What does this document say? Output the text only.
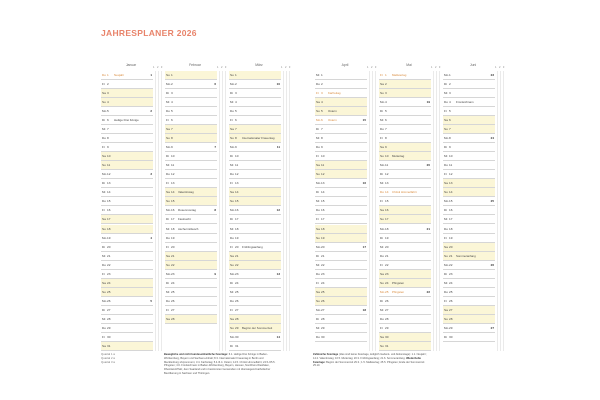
JAHRESPLANER 2026
Januar
1 2 3
Do 1	Neujahr	1
Fr 2
Sa 3
So 4
Mo 5	2
Di 6	Heilige Drei Könige
Mi 7
Do 8
Fr 9
Sa 10
So 11
Mo 12	3
Di 13
Mi 14
Do 15
Fr 16
Sa 17
So 18
Mo 19	4
Di 20
Mi 21
Do 22
Fr 23
Sa 24
So 25
Mo 26	5
Di 27
Mi 28
Do 29
Fr 30
Sa 31
Februar
1 2 3
So 1
Mo 2	6
Di 3
Mi 4
Do 5
Fr 6
Sa 7
So 8
Mo 9	7
Di 10
Mi 11
Do 12
Fr 13
Sa 14	Valentinstag
So 15
Mo 16	Rosenmontag	8
Di 17	Fastnacht
Mi 18	Aschermittwoch
Do 19
Fr 20
Sa 21
So 22
Mo 23	9
Di 24
Mi 25
Do 26
Fr 27
Sa 28
März
1 2 3
So 1
Mo 2	10
Di 3
Mi 4
Do 5
Fr 6
Sa 7
So 8	Internationaler Frauentag
Mo 9	11
Di 10
Mi 11
Do 12
Fr 13
Sa 14
So 15
Mo 16	12
Di 17
Mi 18
Do 19
Fr 20	Frühlingsanfang
Sa 21
So 22
Mo 23	13
Di 24
Mi 25
Do 26
Fr 27
Sa 28
So 29	Beginn der Sommerzeit
Mo 30	14
Di 31
April
1 2 3
Mi 1
Do 2
Fr 3	Karfreitag
Sa 4
So 5	Ostern
Mo 6	Ostern	15
Di 7
Mi 8
Do 9
Fr 10
Sa 11
So 12
Mo 13	16
Di 14
Mi 15
Do 16
Fr 17
Sa 18
So 19
Mo 20	17
Di 21
Mi 22
Do 23
Fr 24
Sa 25
So 26
Mo 27	18
Di 28
Mi 29
Do 30
Mai
1 2 3
Fr 1	Maifeiertag
Sa 2
So 3
Mo 4	19
Di 5
Mi 6
Do 7
Fr 8
Sa 9
So 10	Muttertag
Mo 11	20
Di 12
Mi 13
Do 14	Christi Himmelfahrt
Fr 15
Sa 16
So 17
Mo 18	21
Di 19
Mi 20
Do 21
Fr 22
Sa 23
So 24	Pfingsten
Mo 25	Pfingsten	22
Di 26
Mi 27
Do 28
Fr 29
Sa 30
So 31
Juni
1 2 3
Mo 1	23
Di 2
Mi 3
Do 4	Fronleichnam
Fr 5
Sa 6
So 7
Mo 8	24
Di 9
Mi 10
Do 11
Fr 12
Sa 13
So 14
Mo 15	25
Di 16
Mi 17
Do 18
Fr 19
Sa 20
So 21	Sommeranfang
Mo 22	26
Di 23
Mi 24
Do 25
Fr 26
Sa 27
So 28
Mo 29	27
Di 30
Quartal 1 ●
Quartal 2 ●
Quartal 3 ●
Bewegliche und nicht bundeseinheitliche Feiertage: 6.1. Heilige Drei Könige in Baden-Württemberg, Bayern und Sachsen-Anhalt; 8.3. Internationaler Frauentag in Berlin und Mecklenburg-Vorpommern; 3.4. Karfreitag; 5.4./6.4. Ostern; 14.5. Christi Himmelfahrt; 24.5./25.5. Pfingsten; 4.6. Fronleichnam in Baden-Württemberg, Bayern, Hessen, Nordrhein-Westfalen, Rheinland-Pfalz, dem Saarland und in bestimmten Gemeinden mit überwiegend katholischer Bevölkerung in Sachsen und Thüringen.
Zahlreiche Feiertage (dies sind keine Feiertage, lediglich Gedenk- und Aktionstage): 1.1. Neujahr; 14.2. Valentinstag; 10.5. Muttertag; 20.3. Frühlingsanfang; 21.6. Sommeranfang. Wiederholte Feiertage: Beginn der Sommerzeit 29.3.; 1.5. Maifeiertag; 25.5. Pfingsten; Ende der Sommerzeit 25.10.
